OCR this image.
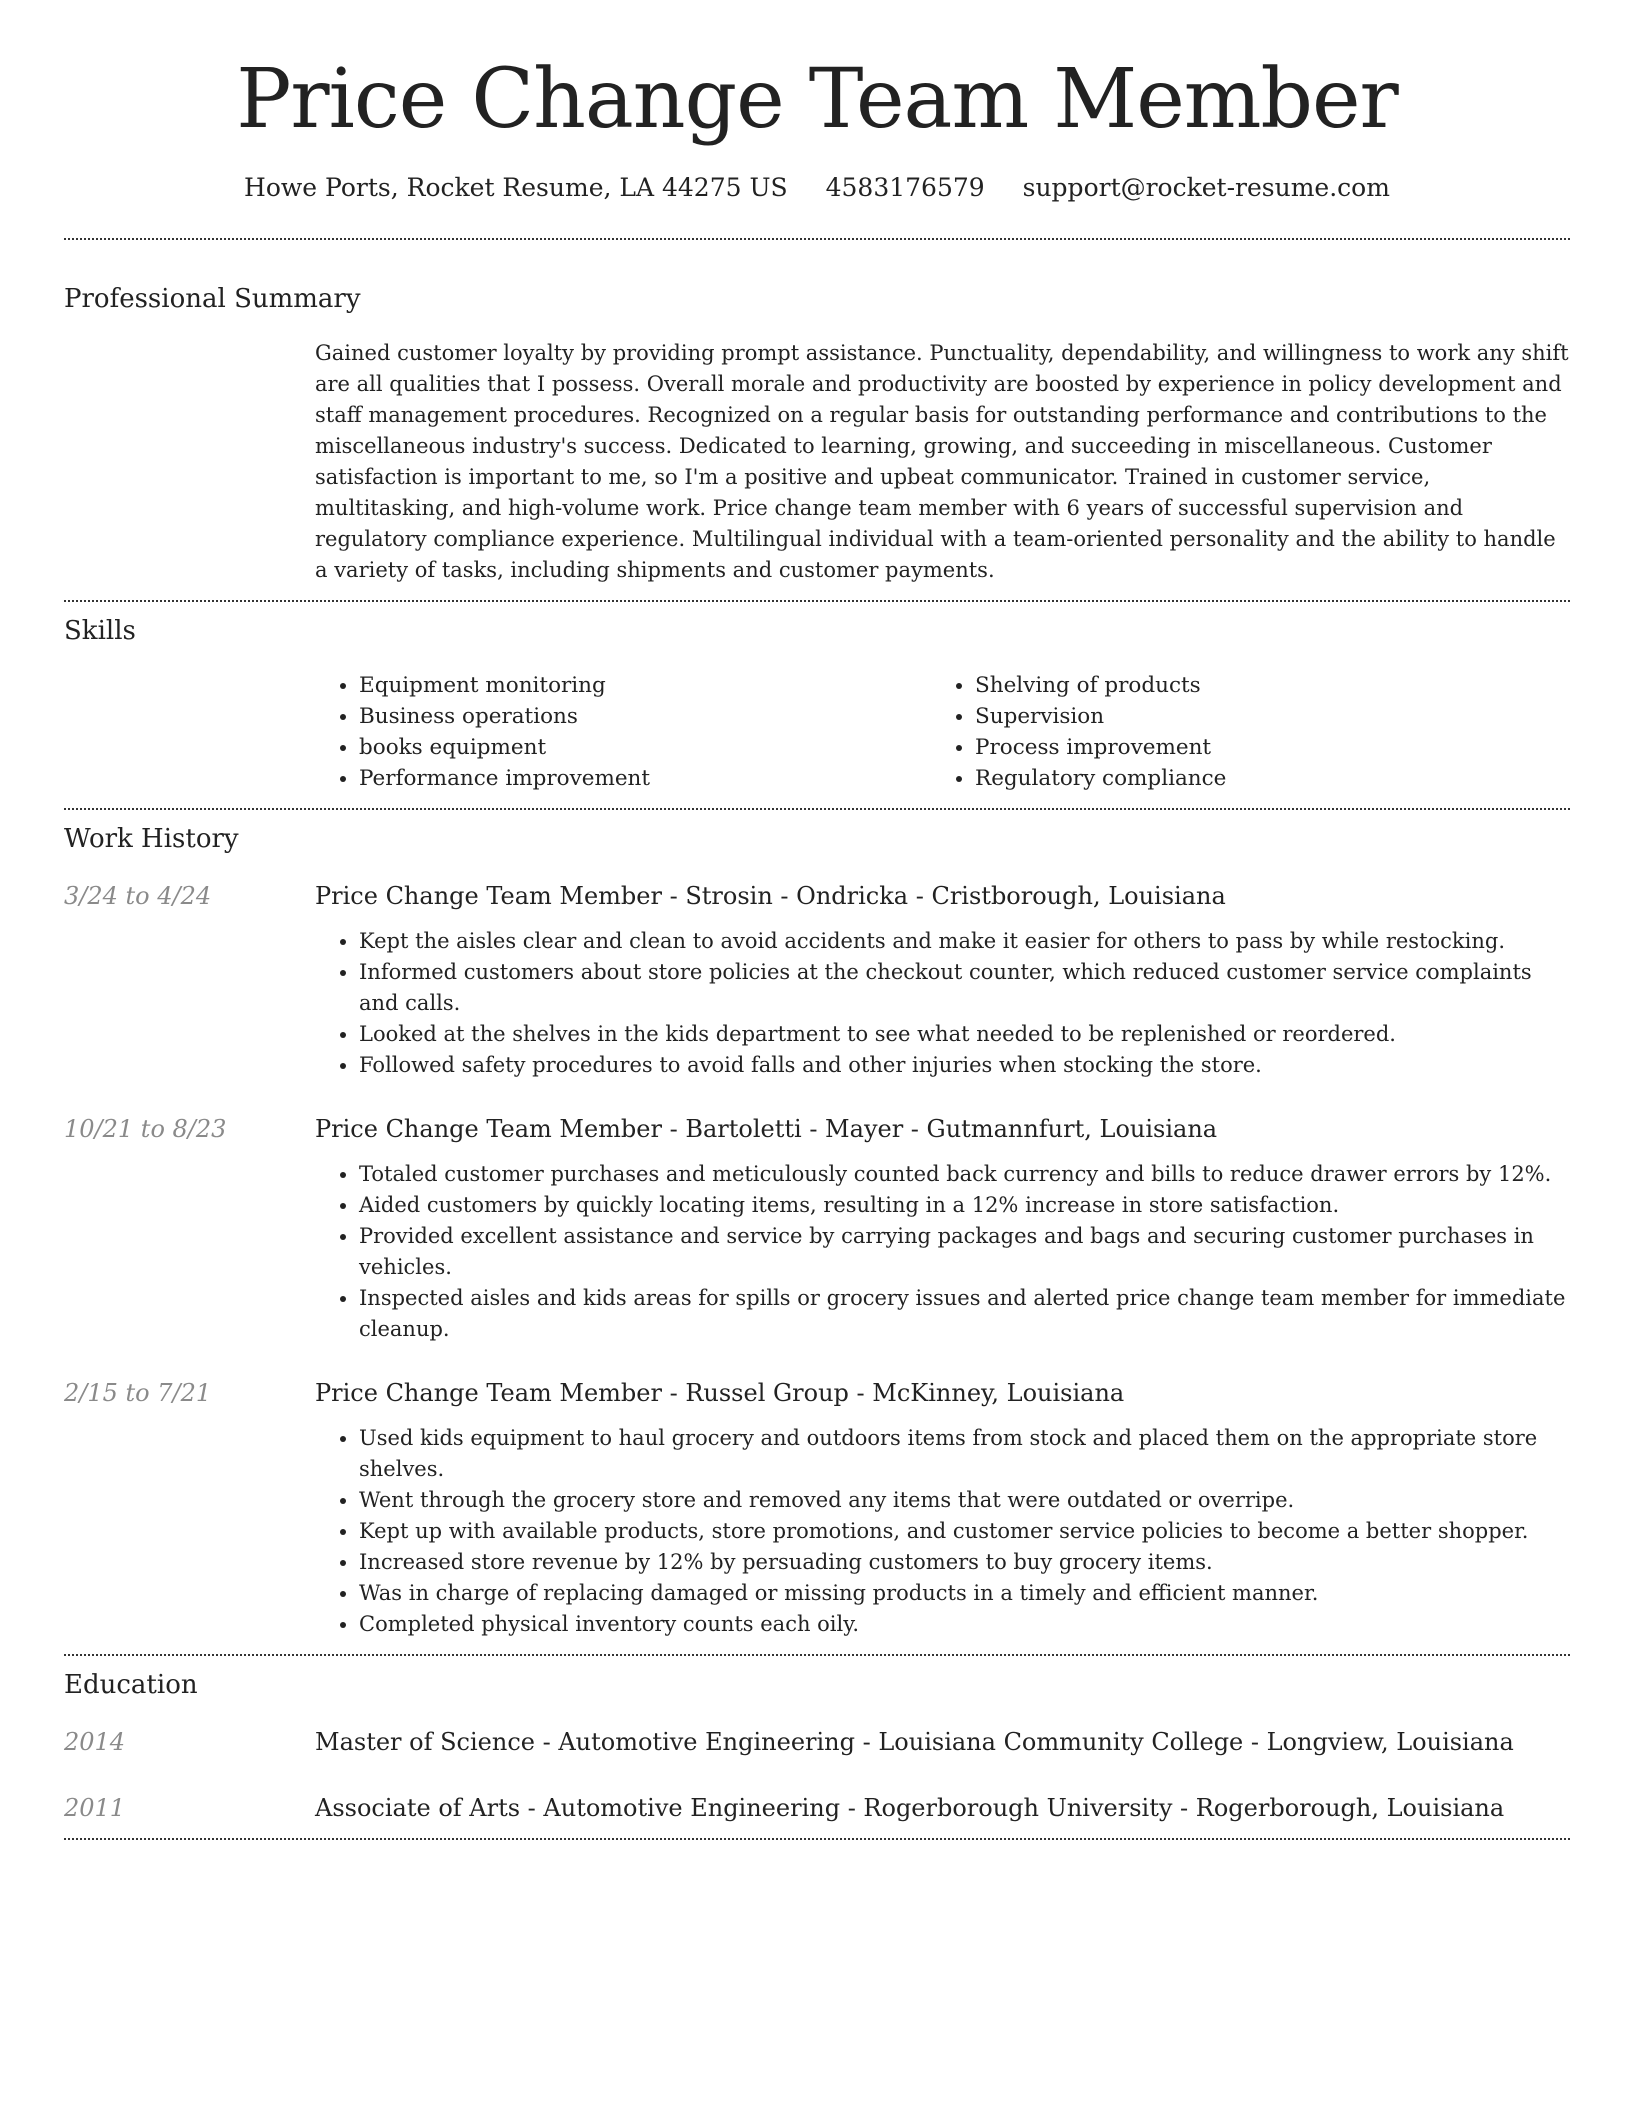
Price Change Team Member
Howe Ports, Rocket Resume, LA 44275 US 4583176579 support@rocket-resume.com
Professional Summary
Gained customer loyalty by providing prompt assistance. Punctuality, dependability, and willingness to work any shift are all qualities that I possess. Overall morale and productivity are boosted by experience in policy development and staff management procedures. Recognized on a regular basis for outstanding performance and contributions to the miscellaneous industry's success. Dedicated to learning, growing, and succeeding in miscellaneous. Customer satisfaction is important to me, so I'm a positive and upbeat communicator. Trained in customer service, multitasking, and high-volume work. Price change team member with 6 years of successful supervision and regulatory compliance experience. Multilingual individual with a team-oriented personality and the ability to handle a variety of tasks, including shipments and customer payments.
Skills
• Equipment monitoring
• Business operations
• books equipment
• Performance improvement
• Shelving of products
• Supervision
• Process improvement
• Regulatory compliance
Work History
3/24 to 4/24	Price Change Team Member - Strosin - Ondricka - Cristborough, Louisiana
• Kept the aisles clear and clean to avoid accidents and make it easier for others to pass by while restocking.
• Informed customers about store policies at the checkout counter, which reduced customer service complaints and calls.
• Looked at the shelves in the kids department to see what needed to be replenished or reordered.
• Followed safety procedures to avoid falls and other injuries when stocking the store.
10/21 to 8/23	Price Change Team Member - Bartoletti - Mayer - Gutmannfurt, Louisiana
• Totaled customer purchases and meticulously counted back currency and bills to reduce drawer errors by 12%.
• Aided customers by quickly locating items, resulting in a 12% increase in store satisfaction.
• Provided excellent assistance and service by carrying packages and bags and securing customer purchases in vehicles.
• Inspected aisles and kids areas for spills or grocery issues and alerted price change team member for immediate cleanup.
2/15 to 7/21	Price Change Team Member - Russel Group - McKinney, Louisiana
• Used kids equipment to haul grocery and outdoors items from stock and placed them on the appropriate store shelves.
• Went through the grocery store and removed any items that were outdated or overripe.
• Kept up with available products, store promotions, and customer service policies to become a better shopper.
• Increased store revenue by 12% by persuading customers to buy grocery items.
• Was in charge of replacing damaged or missing products in a timely and efficient manner.
• Completed physical inventory counts each oily.
Education
2014	Master of Science - Automotive Engineering - Louisiana Community College - Longview, Louisiana
2011	Associate of Arts - Automotive Engineering - Rogerborough University - Rogerborough, Louisiana
